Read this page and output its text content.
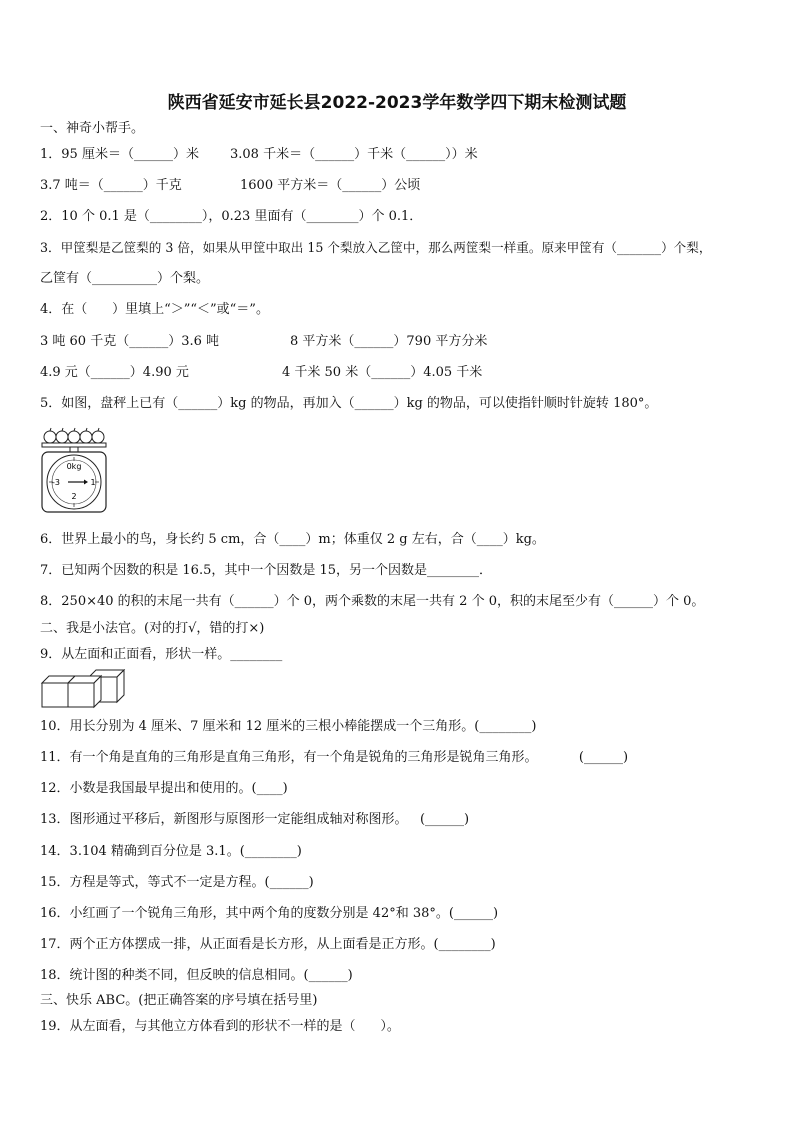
陕西省延安市延长县2022-2023学年数学四下期末检测试题
一、神奇小帮手。
1．95 厘米＝（______）米 3.08 千米＝（______）千米（______））米
3.7 吨＝（______）千克	1600 平方米＝（______）公顷
2．10 个 0.1 是（________），0.23 里面有（________）个 0.1．
3．甲筐梨是乙筐梨的 3 倍，如果从甲筐中取出 15 个梨放入乙筐中，那么两筐梨一样重。原来甲筐有（_______）个梨，
乙筐有（__________）个梨。
4．在（      ）里填上“＞”“＜”或“＝”。
3 吨 60 千克（______）3.6 吨	8 平方米（______）790 平方分米
4.9 元（______）4.90 元	4 千米 50 米（______）4.05 千米
5．如图，盘秤上已有（______）kg 的物品，再加入（______）kg 的物品，可以使指针顺时针旋转 180°。
0kg
-3	1
2
6．世界上最小的鸟，身长约 5 cm，合（____）m；体重仅 2 g 左右，合（____）kg。
7．已知两个因数的积是 16.5，其中一个因数是 15，另一个因数是________．
8．250×40 的积的末尾一共有（______）个 0，两个乘数的末尾一共有 2 个 0，积的末尾至少有（______）个 0。
二、我是小法官。(对的打√，错的打×)
9．从左面和正面看，形状一样。________
10．用长分别为 4 厘米、7 厘米和 12 厘米的三根小棒能摆成一个三角形。(________)
11．有一个角是直角的三角形是直角三角形，有一个角是锐角的三角形是锐角三角形。          (______)
12．小数是我国最早提出和使用的。(____)
13．图形通过平移后，新图形与原图形一定能组成轴对称图形。   (______)
14．3.104 精确到百分位是 3.1。(________)
15．方程是等式，等式不一定是方程。(______)
16．小红画了一个锐角三角形，其中两个角的度数分别是 42°和 38°。(______)
17．两个正方体摆成一排，从正面看是长方形，从上面看是正方形。(________)
18．统计图的种类不同，但反映的信息相同。(______)
三、快乐 ABC。(把正确答案的序号填在括号里)
19．从左面看，与其他立方体看到的形状不一样的是（      ）。
